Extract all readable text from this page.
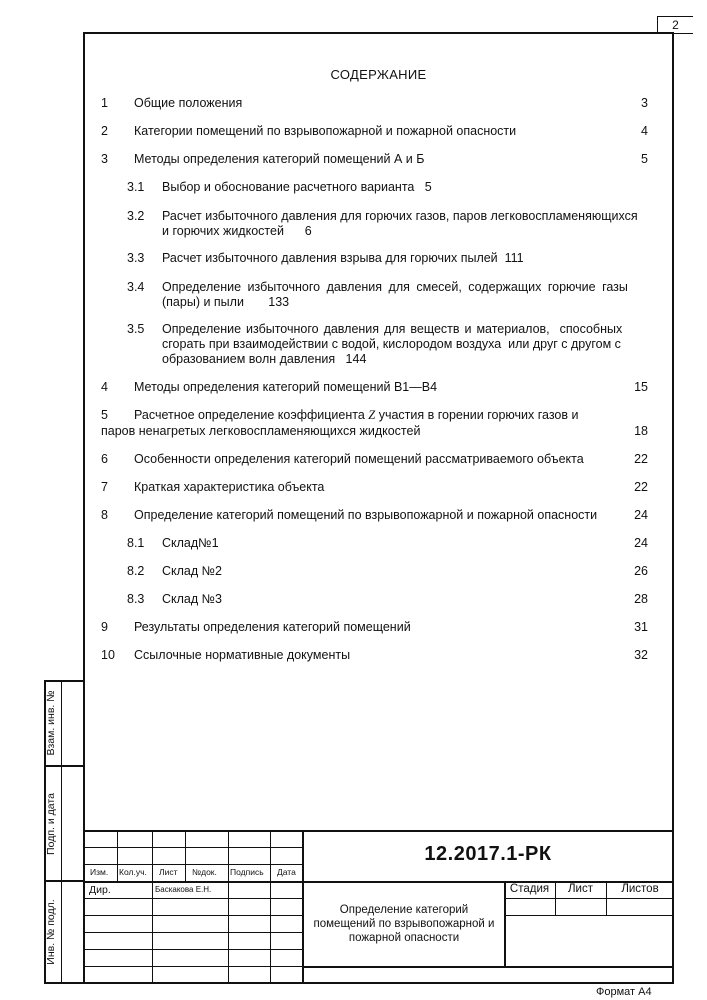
2
Взам. инв. №
Подп. и дата
Инв. № подл.
СОДЕРЖАНИЕ
1 Общие положения	3
2 Категории помещений по взрывопожарной и пожарной опасности	4
3 Методы определения категорий помещений А и Б	5
3.1 Выбор и обоснование расчетного варианта   5
3.2 Расчет избыточного давления для горючих газов, паров легковоспламеняющихся
и горючих жидкостей      6
3.3 Расчет избыточного давления взрыва для горючих пылей  111
3.4 Определение избыточного давления для смесей, содержащих горючие газы
(пары) и пыли       133
3.5 Определение избыточного давления для веществ и материалов,  способных
сгорать при взаимодействии с водой, кислородом воздуха  или друг с другом с
образованием волн давления   144
4 Методы определения категорий помещений В1—В4	15
5 Расчетное определение коэффициента Z участия в горении горючих газов и
паров ненагретых легковоспламеняющихся жидкостей	18
6 Особенности определения категорий помещений рассматриваемого объекта	22
7 Краткая характеристика объекта	22
8 Определение категорий помещений по взрывопожарной и пожарной опасности	24
8.1 Склад№1	24
8.2 Склад №2	26
8.3 Склад №3	28
9 Результаты определения категорий помещений	31
10 Ссылочные нормативные документы	32
Изм. Кол.уч. Лист №док. Подпись Дата
Дир.	Баскакова Е.Н.
12.2017.1-РК
Определение категорий помещений по взрывопожарной и пожарной опасности
Стадия	Лист	Листов
Формат А4
